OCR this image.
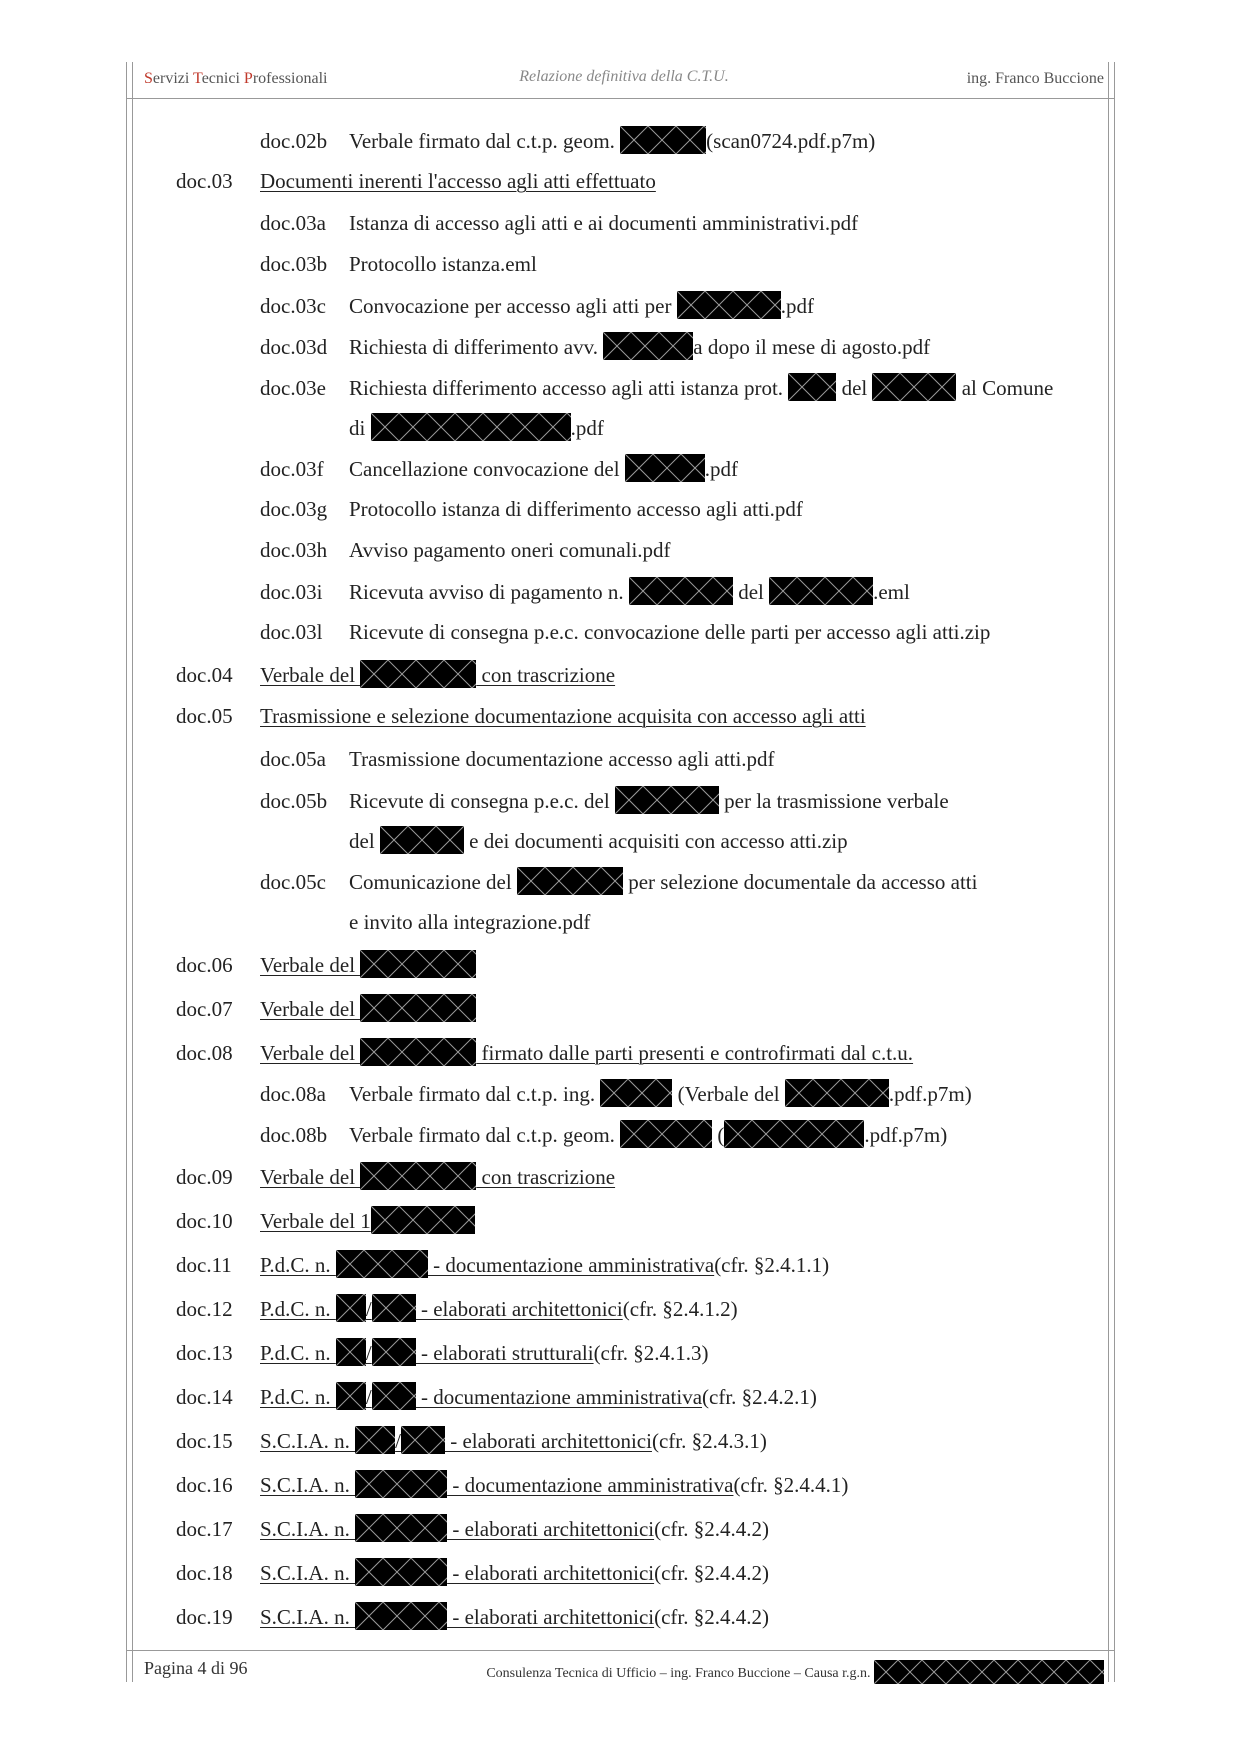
Servizi Tecnici Professionali	Relazione definitiva della C.T.U.	ing. Franco Buccione
doc.02b Verbale firmato dal c.t.p. geom.	(scan0724.pdf.p7m)
doc.03 Documenti inerenti l'accesso agli atti effettuato
doc.03a Istanza di accesso agli atti e ai documenti amministrativi.pdf
doc.03b Protocollo istanza.eml
doc.03c Convocazione per accesso agli atti per	.pdf
doc.03d Richiesta di differimento avv.	a dopo il mese di agosto.pdf
doc.03e Richiesta differimento accesso agli atti istanza prot.
del	al Comune
di	.pdf
doc.03f Cancellazione convocazione del	.pdf
doc.03g Protocollo istanza di differimento accesso agli atti.pdf
doc.03h Avviso pagamento oneri comunali.pdf
doc.03i Ricevuta avviso di pagamento n.	del	.eml
doc.03l Ricevute di consegna p.e.c. convocazione delle parti per accesso agli atti.zip
doc.04 Verbale del	con trascrizione
doc.05 Trasmissione e selezione documentazione acquisita con accesso agli atti
doc.05a Trasmissione documentazione accesso agli atti.pdf
doc.05b Ricevute di consegna p.e.c. del	per la trasmissione verbale
del	e dei documenti acquisiti con accesso atti.zip
doc.05c Comunicazione del	per selezione documentale da accesso atti
e invito alla integrazione.pdf
doc.06 Verbale del
doc.07 Verbale del
doc.08 Verbale del	firmato dalle parti presenti e controfirmati dal c.t.u.
doc.08a Verbale firmato dal c.t.p. ing.	(Verbale del	.pdf.p7m)
doc.08b Verbale firmato dal c.t.p. geom.	(	.pdf.p7m)
doc.09 Verbale del	con trascrizione
doc.10 Verbale del 1
doc.11 P.d.C. n.	- documentazione amministrativa(cfr. §2.4.1.1)
doc.12 P.d.C. n.
/
- elaborati architettonici(cfr. §2.4.1.2)
doc.13 P.d.C. n.
/
- elaborati strutturali(cfr. §2.4.1.3)
doc.14 P.d.C. n.
/
- documentazione amministrativa(cfr. §2.4.2.1)
doc.15 S.C.I.A. n.
/
- elaborati architettonici(cfr. §2.4.3.1)
doc.16 S.C.I.A. n.	- documentazione amministrativa(cfr. §2.4.4.1)
doc.17 S.C.I.A. n.	- elaborati architettonici(cfr. §2.4.4.2)
doc.18 S.C.I.A. n.	- elaborati architettonici(cfr. §2.4.4.2)
doc.19 S.C.I.A. n.	- elaborati architettonici(cfr. §2.4.4.2)
Pagina 4 di 96	Consulenza Tecnica di Ufficio – ing. Franco Buccione – Causa r.g.n.
